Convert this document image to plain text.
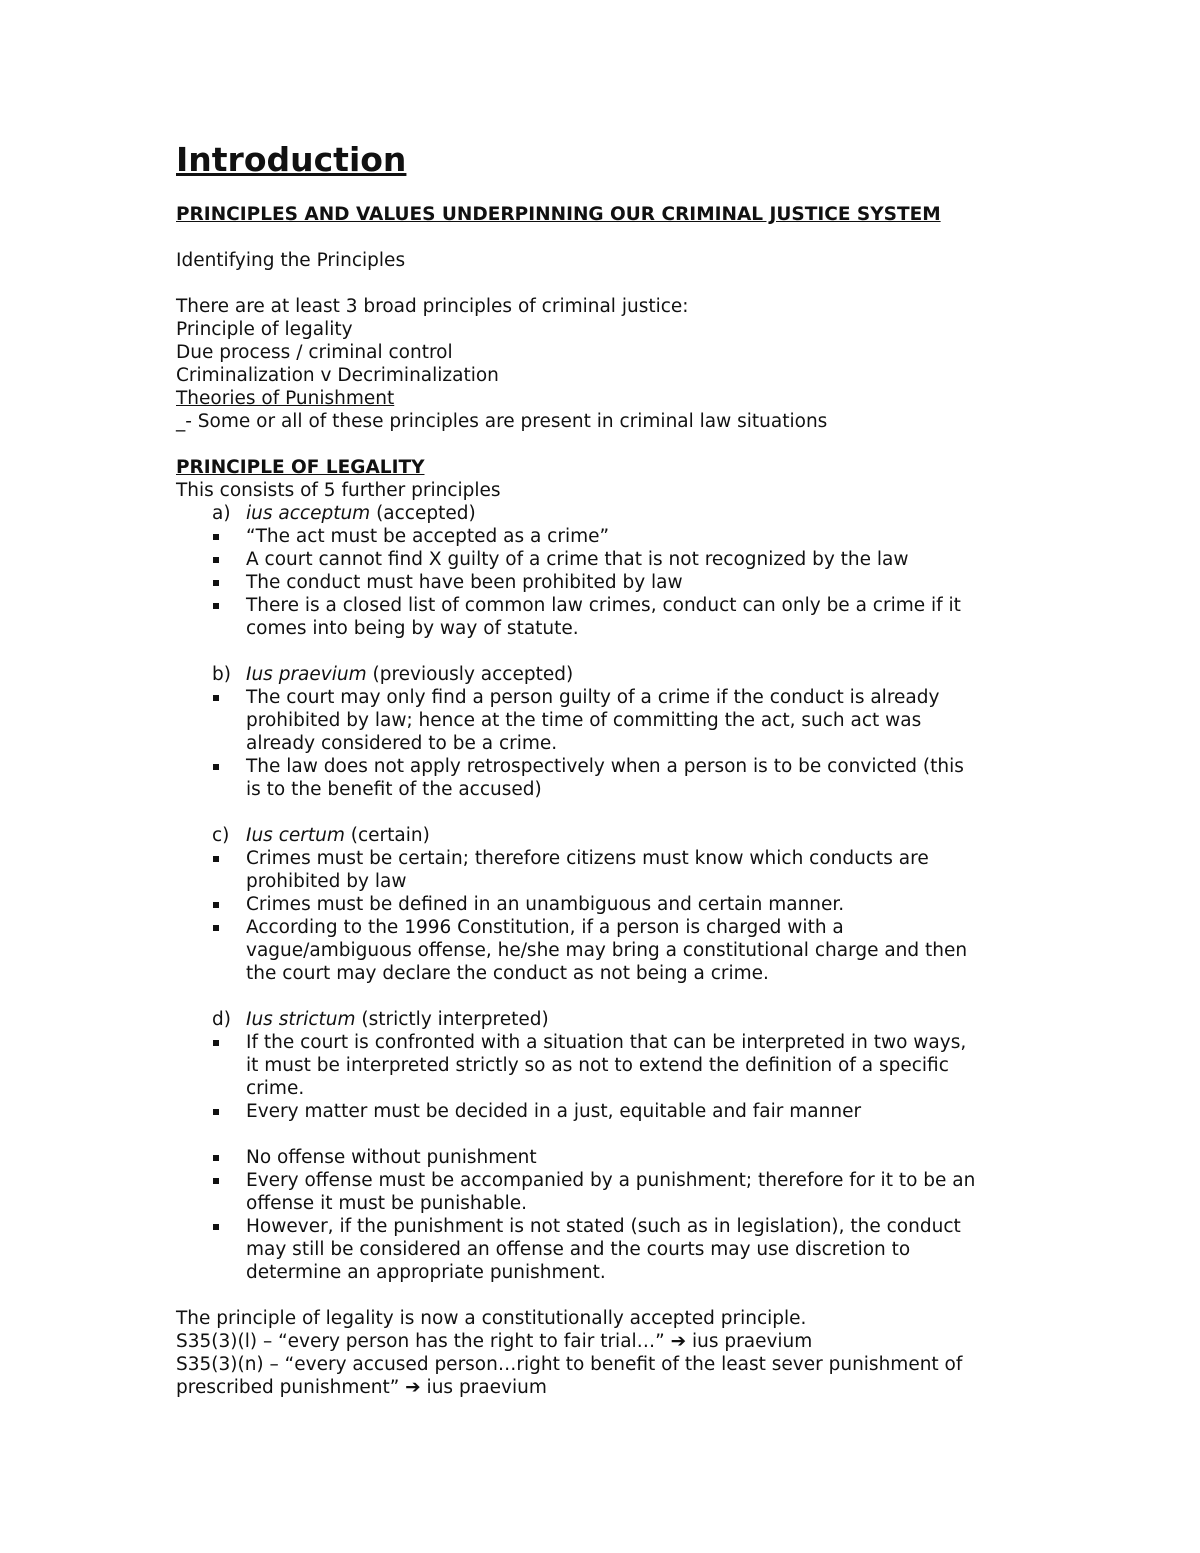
Introduction
PRINCIPLES AND VALUES UNDERPINNING OUR CRIMINAL JUSTICE SYSTEM
Identifying the Principles
There are at least 3 broad principles of criminal justice:
Principle of legality
Due process / criminal control
Criminalization v Decriminalization
Theories of Punishment
_- Some or all of these principles are present in criminal law situations
PRINCIPLE OF LEGALITY
This consists of 5 further principles
a) ius acceptum (accepted)
“The act must be accepted as a crime”
A court cannot find X guilty of a crime that is not recognized by the law
The conduct must have been prohibited by law
There is a closed list of common law crimes, conduct can only be a crime if it
comes into being by way of statute.
b) Ius praevium (previously accepted)
The court may only find a person guilty of a crime if the conduct is already
prohibited by law; hence at the time of committing the act, such act was
already considered to be a crime.
The law does not apply retrospectively when a person is to be convicted (this
is to the benefit of the accused)
c) Ius certum (certain)
Crimes must be certain; therefore citizens must know which conducts are
prohibited by law
Crimes must be defined in an unambiguous and certain manner.
According to the 1996 Constitution, if a person is charged with a
vague/ambiguous offense, he/she may bring a constitutional charge and then
the court may declare the conduct as not being a crime.
d) Ius strictum (strictly interpreted)
If the court is confronted with a situation that can be interpreted in two ways,
it must be interpreted strictly so as not to extend the definition of a specific
crime.
Every matter must be decided in a just, equitable and fair manner
No offense without punishment
Every offense must be accompanied by a punishment; therefore for it to be an
offense it must be punishable.
However, if the punishment is not stated (such as in legislation), the conduct
may still be considered an offense and the courts may use discretion to
determine an appropriate punishment.
The principle of legality is now a constitutionally accepted principle.
S35(3)(l) – “every person has the right to fair trial…” ➔ ius praevium
S35(3)(n) – “every accused person…right to benefit of the least sever punishment of
prescribed punishment” ➔ ius praevium
